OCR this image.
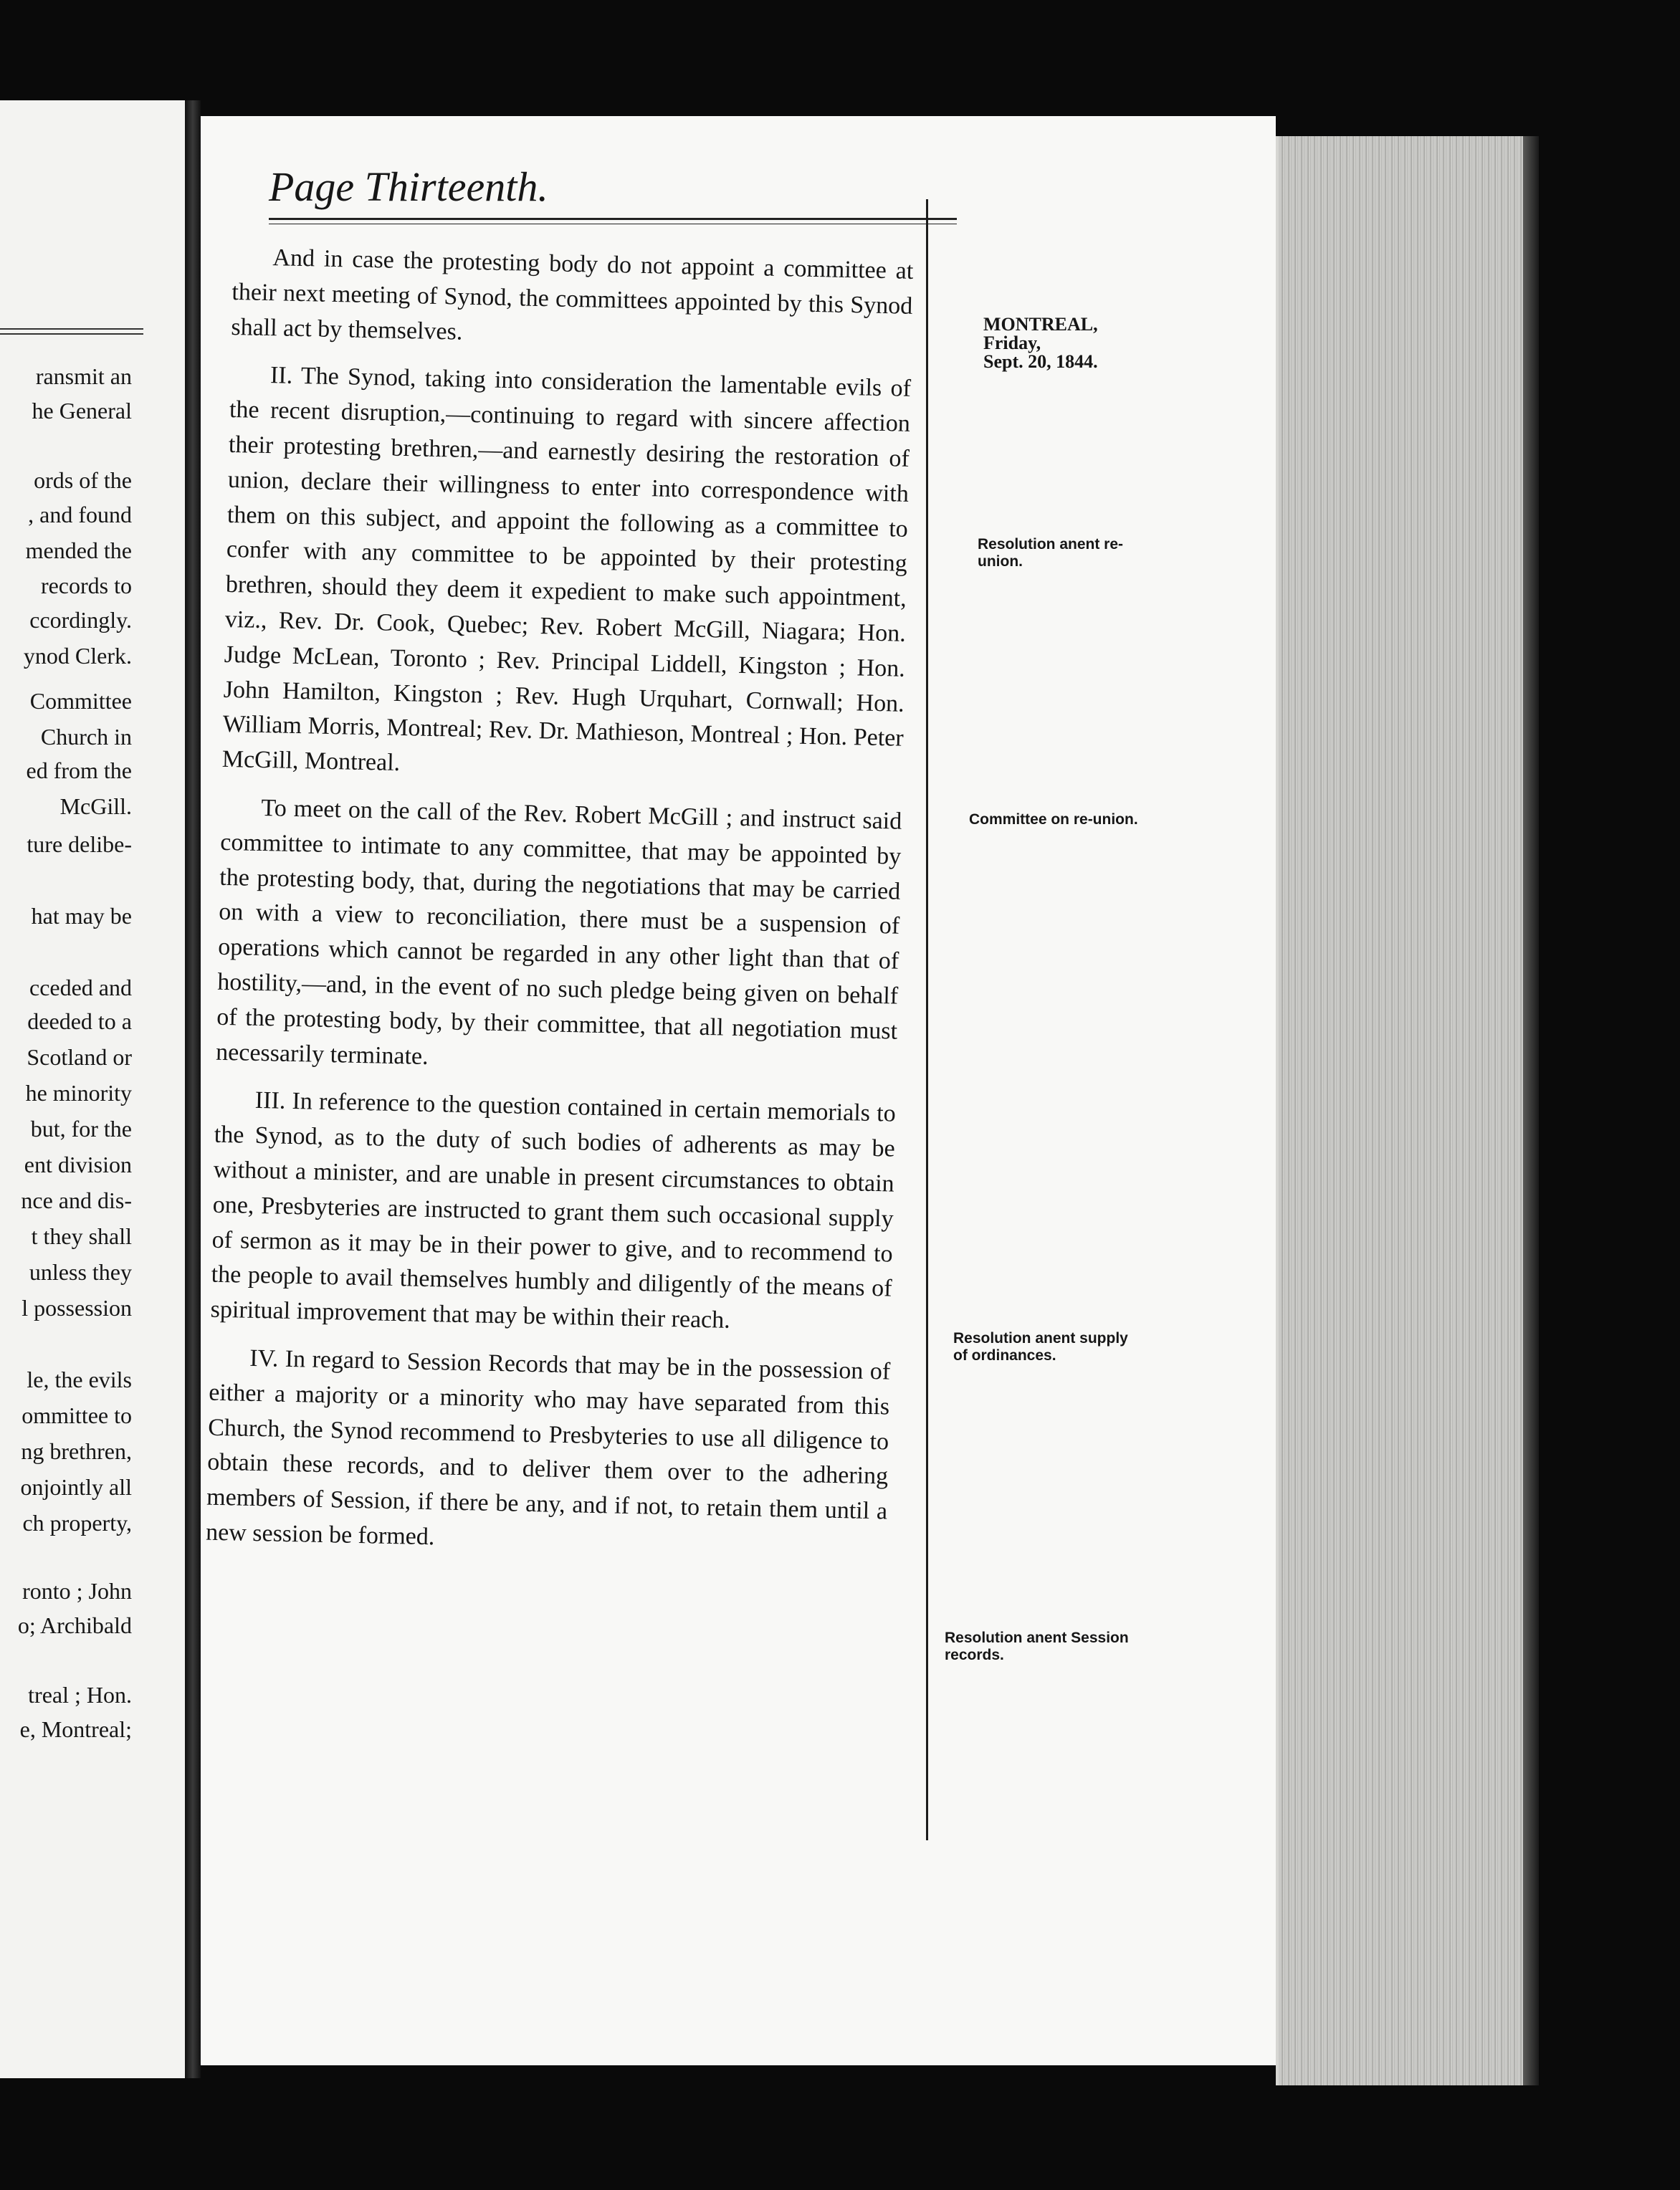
ransmit an
he General
ords of the
, and found
mended the
records to
ccordingly.
ynod Clerk.
Committee
Church in
ed from the
McGill.
ture delibe-
hat may be
cceded and
deeded to a
Scotland or
he minority
but, for the
ent division
nce and dis-
t they shall
unless they
l possession
le, the evils
ommittee to
ng brethren,
onjointly all
ch property,
ronto ; John
o; Archibald
treal ; Hon.
e, Montreal;
Page Thirteenth.

And in case the protesting body do not appoint a committee at their next meeting of Synod, the committees appointed by this Synod shall act by themselves.

II. The Synod, taking into consideration the lamentable evils of the recent disruption,—continuing to regard with sincere affection their protesting brethren,—and earnestly desiring the restoration of union, declare their willingness to enter into correspondence with them on this subject, and appoint the following as a committee to confer with any committee to be appointed by their protesting brethren, should they deem it expedient to make such appointment, viz., Rev. Dr. Cook, Quebec; Rev. Robert McGill, Niagara; Hon. Judge McLean, Toronto ; Rev. Principal Liddell, Kingston ; Hon. John Hamilton, Kingston ; Rev. Hugh Urquhart, Cornwall; Hon. William Morris, Montreal; Rev. Dr. Mathieson, Montreal ; Hon. Peter McGill, Montreal.

To meet on the call of the Rev. Robert McGill ; and instruct said committee to intimate to any committee, that may be appointed by the protesting body, that, during the negotiations that may be carried on with a view to reconciliation, there must be a suspension of operations which cannot be regarded in any other light than that of hostility,—and, in the event of no such pledge being given on behalf of the protesting body, by their committee, that all negotiation must necessarily terminate.

III. In reference to the question contained in certain memorials to the Synod, as to the duty of such bodies of adherents as may be without a minister, and are unable in present circumstances to obtain one, Presbyteries are instructed to grant them such occasional supply of sermon as it may be in their power to give, and to recommend to the people to avail themselves humbly and diligently of the means of spiritual improvement that may be within their reach.

IV. In regard to Session Records that may be in the possession of either a majority or a minority who may have separated from this Church, the Synod recommend to Presbyteries to use all diligence to obtain these records, and to deliver them over to the adhering members of Session, if there be any, and if not, to retain them until a new session be formed.

MONTREAL,
Friday,
Sept. 20, 1844.
Resolution anent re-union.
Committee on re-union.
Resolution anent supply of ordinances.
Resolution anent Session records.
